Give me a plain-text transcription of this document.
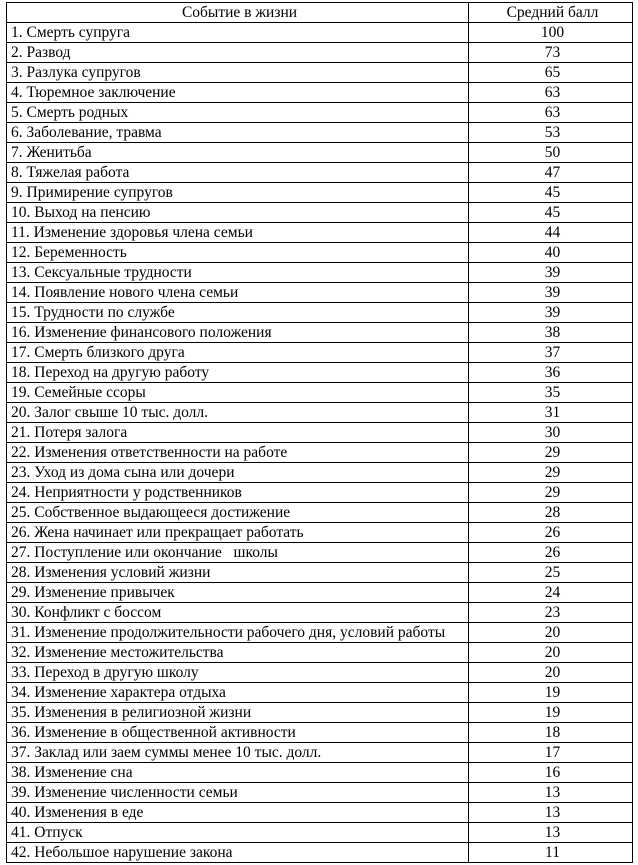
Событие в жизни	Средний балл
1. Смерть супруга	100
2. Развод	73
3. Разлука супругов	65
4. Тюремное заключение	63
5. Смерть родных	63
6. Заболевание, травма	53
7. Женитьба	50
8. Тяжелая работа	47
9. Примирение супругов	45
10. Выход на пенсию	45
11. Изменение здоровья члена семьи	44
12. Беременность	40
13. Сексуальные трудности	39
14. Появление нового члена семьи	39
15. Трудности по службе	39
16. Изменение финансового положения	38
17. Смерть близкого друга	37
18. Переход на другую работу	36
19. Семейные ссоры	35
20. Залог свыше 10 тыс. долл.	31
21. Потеря залога	30
22. Изменения ответственности на работе	29
23. Уход из дома сына или дочери	29
24. Неприятности у родственников	29
25. Собственное выдающееся достижение	28
26. Жена начинает или прекращает работать	26
27. Поступление или окончание   школы	26
28. Изменения условий жизни	25
29. Изменение привычек	24
30. Конфликт с боссом	23
31. Изменение продолжительности рабочего дня, условий работы	20
32. Изменение местожительства	20
33. Переход в другую школу	20
34. Изменение характера отдыха	19
35. Изменения в религиозной жизни	19
36. Изменение в общественной активности	18
37. Заклад или заем суммы менее 10 тыс. долл.	17
38. Изменение сна	16
39. Изменение численности семьи	13
40. Изменения в еде	13
41. Отпуск	13
42. Небольшое нарушение закона	11
